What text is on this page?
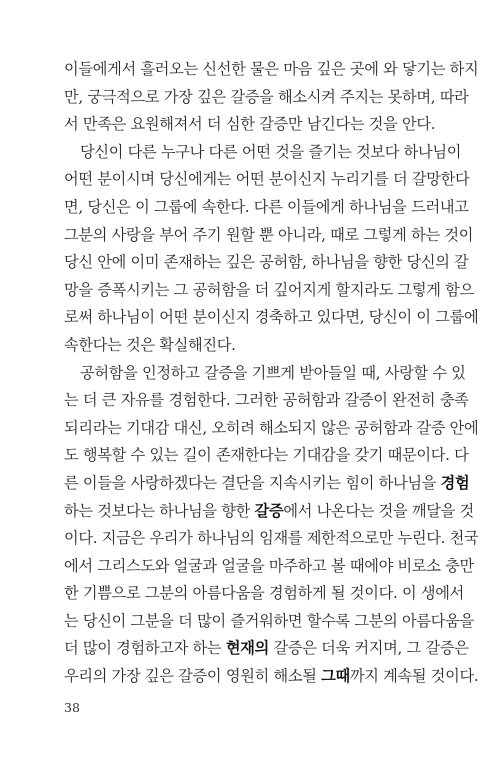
이들에게서 흘러오는 신선한 물은 마음 깊은 곳에 와 닿기는 하지
만, 궁극적으로 가장 깊은 갈증을 해소시켜 주지는 못하며, 따라
서 만족은 요원해져서 더 심한 갈증만 남긴다는 것을 안다.
당신이 다른 누구나 다른 어떤 것을 즐기는 것보다 하나님이
어떤 분이시며 당신에게는 어떤 분이신지 누리기를 더 갈망한다
면, 당신은 이 그룹에 속한다. 다른 이들에게 하나님을 드러내고
그분의 사랑을 부어 주기 원할 뿐 아니라, 때로 그렇게 하는 것이
당신 안에 이미 존재하는 깊은 공허함, 하나님을 향한 당신의 갈
망을 증폭시키는 그 공허함을 더 깊어지게 할지라도 그렇게 함으
로써 하나님이 어떤 분이신지 경축하고 있다면, 당신이 이 그룹에
속한다는 것은 확실해진다.
공허함을 인정하고 갈증을 기쁘게 받아들일 때, 사랑할 수 있
는 더 큰 자유를 경험한다. 그러한 공허함과 갈증이 완전히 충족
되리라는 기대감 대신, 오히려 해소되지 않은 공허함과 갈증 안에
도 행복할 수 있는 길이 존재한다는 기대감을 갖기 때문이다. 다
른 이들을 사랑하겠다는 결단을 지속시키는 힘이 하나님을 경험
하는 것보다는 하나님을 향한 갈증에서 나온다는 것을 깨달을 것
이다. 지금은 우리가 하나님의 임재를 제한적으로만 누린다. 천국
에서 그리스도와 얼굴과 얼굴을 마주하고 볼 때에야 비로소 충만
한 기쁨으로 그분의 아름다움을 경험하게 될 것이다. 이 생에서
는 당신이 그분을 더 많이 즐거워하면 할수록 그분의 아름다움을
더 많이 경험하고자 하는 현재의 갈증은 더욱 커지며, 그 갈증은
우리의 가장 깊은 갈증이 영원히 해소될 그때까지 계속될 것이다.
38
